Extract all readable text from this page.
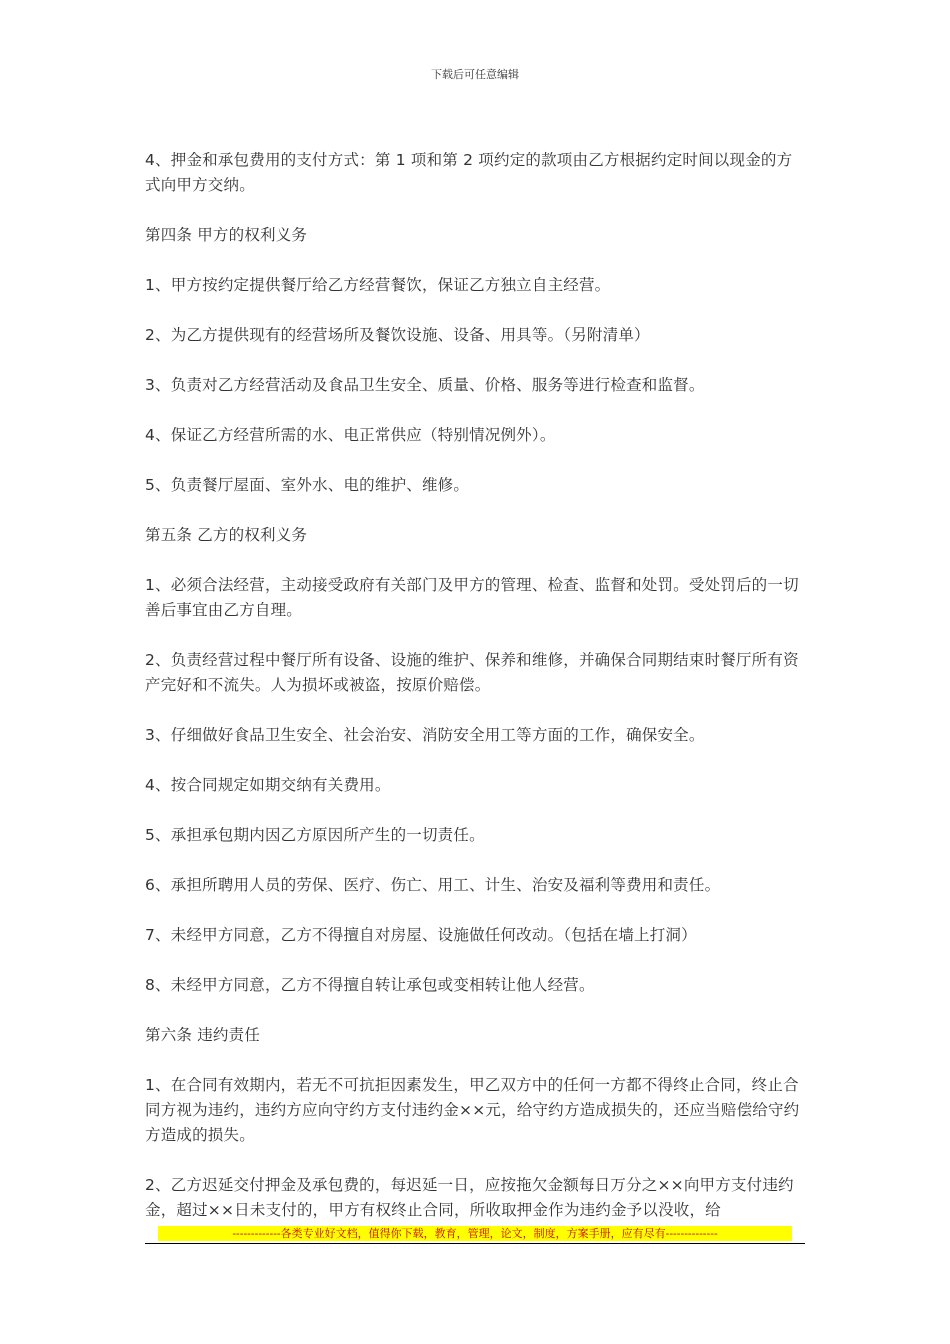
下载后可任意编辑

4、押金和承包费用的支付方式：第 1 项和第 2 项约定的款项由乙方根据约定时间以现金的方式向甲方交纳。

第四条 甲方的权利义务

1、甲方按约定提供餐厅给乙方经营餐饮，保证乙方独立自主经营。

2、为乙方提供现有的经营场所及餐饮设施、设备、用具等。（另附清单）

3、负责对乙方经营活动及食品卫生安全、质量、价格、服务等进行检查和监督。

4、保证乙方经营所需的水、电正常供应（特别情况例外）。

5、负责餐厅屋面、室外水、电的维护、维修。

第五条 乙方的权利义务

1、必须合法经营，主动接受政府有关部门及甲方的管理、检查、监督和处罚。受处罚后的一切善后事宜由乙方自理。

2、负责经营过程中餐厅所有设备、设施的维护、保养和维修，并确保合同期结束时餐厅所有资产完好和不流失。人为损坏或被盗，按原价赔偿。

3、仔细做好食品卫生安全、社会治安、消防安全用工等方面的工作，确保安全。

4、按合同规定如期交纳有关费用。

5、承担承包期内因乙方原因所产生的一切责任。

6、承担所聘用人员的劳保、医疗、伤亡、用工、计生、治安及福利等费用和责任。

7、未经甲方同意，乙方不得擅自对房屋、设施做任何改动。（包括在墙上打洞）

8、未经甲方同意，乙方不得擅自转让承包或变相转让他人经营。

第六条 违约责任

1、在合同有效期内，若无不可抗拒因素发生，甲乙双方中的任何一方都不得终止合同，终止合同方视为违约，违约方应向守约方支付违约金××元，给守约方造成损失的，还应当赔偿给守约方造成的损失。

2、乙方迟延交付押金及承包费的，每迟延一日，应按拖欠金额每日万分之××向甲方支付违约金，超过××日未支付的，甲方有权终止合同，所收取押金作为违约金予以没收，给

-------------各类专业好文档，值得你下载，教育，管理，论文，制度，方案手册，应有尽有--------------
